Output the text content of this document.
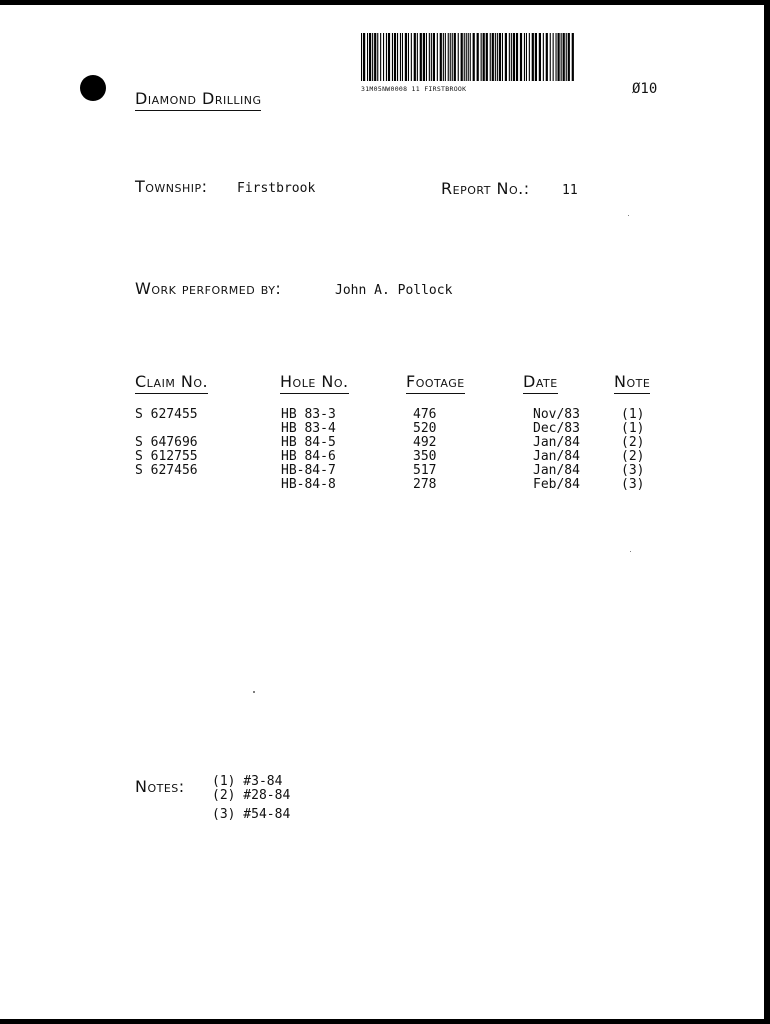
Diamond Drilling	31M05NW0008 11 FIRSTBROOK	Ø10
Township: Firstbrook	Report No.: 11
Work performed by:	John A. Pollock
Claim No.	Hole No.	Footage	Date	Note
S 627455	HB 83-3	476	Nov/83	(1)
	HB 83-4	520	Dec/83	(1)
S 647696	HB 84-5	492	Jan/84	(2)
S 612755	HB 84-6	350	Jan/84	(2)
S 627456	HB-84-7	517	Jan/84	(3)
	HB-84-8	278	Feb/84	(3)
Notes: (1) #3-84
(2) #28-84
(3) #54-84
